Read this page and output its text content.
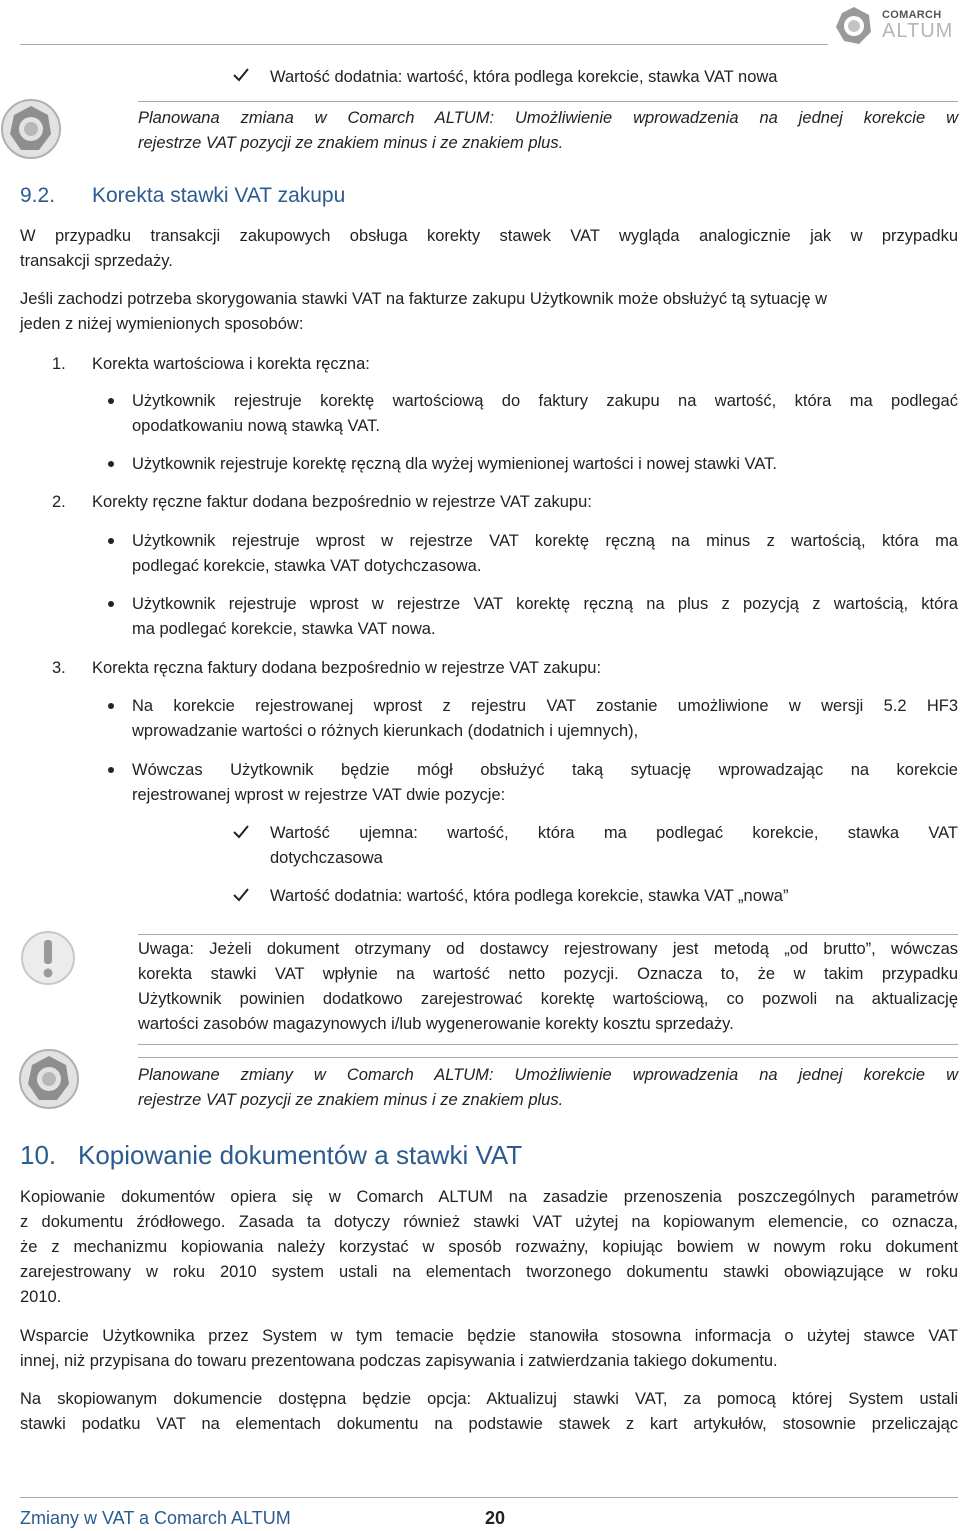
COMARCH
ALTUM
Wartość dodatnia: wartość, która podlega korekcie, stawka VAT nowa
Planowana zmiana w Comarch ALTUM: Umożliwienie wprowadzenia na jednej korekcie w
rejestrze VAT pozycji ze znakiem minus i ze znakiem plus.
9.2. Korekta stawki VAT zakupu
W przypadku transakcji zakupowych obsługa korekty stawek VAT wygląda analogicznie jak w przypadku
transakcji sprzedaży.
Jeśli zachodzi potrzeba skorygowania stawki VAT na fakturze zakupu Użytkownik może obsłużyć tą sytuację w
jeden z niżej wymienionych sposobów:
1. Korekta wartościowa i korekta ręczna:
Użytkownik rejestruje korektę wartościową do faktury zakupu na wartość, która ma podlegać
opodatkowaniu nową stawką VAT.
Użytkownik rejestruje korektę ręczną dla wyżej wymienionej wartości i nowej stawki VAT.
2. Korekty ręczne faktur dodana bezpośrednio w rejestrze VAT zakupu:
Użytkownik rejestruje wprost w rejestrze VAT korektę ręczną na minus z wartością, która ma
podlegać korekcie, stawka VAT dotychczasowa.
Użytkownik rejestruje wprost w rejestrze VAT korektę ręczną na plus z pozycją z wartością, która
ma podlegać korekcie, stawka VAT nowa.
3. Korekta ręczna faktury dodana bezpośrednio w rejestrze VAT zakupu:
Na korekcie rejestrowanej wprost z rejestru VAT zostanie umożliwione w wersji 5.2 HF3
wprowadzanie wartości o różnych kierunkach (dodatnich i ujemnych),
Wówczas Użytkownik będzie mógł obsłużyć taką sytuację wprowadzając na korekcie
rejestrowanej wprost w rejestrze VAT dwie pozycje:
Wartość ujemna: wartość, która ma podlegać korekcie, stawka VAT
dotychczasowa
Wartość dodatnia: wartość, która podlega korekcie, stawka VAT „nowa”
Uwaga: Jeżeli dokument otrzymany od dostawcy rejestrowany jest metodą „od brutto”, wówczas
korekta stawki VAT wpłynie na wartość netto pozycji. Oznacza to, że w takim przypadku
Użytkownik powinien dodatkowo zarejestrować korektę wartościową, co pozwoli na aktualizację
wartości zasobów magazynowych i/lub wygenerowanie korekty kosztu sprzedaży.
Planowane zmiany w Comarch ALTUM: Umożliwienie wprowadzenia na jednej korekcie w
rejestrze VAT pozycji ze znakiem minus i ze znakiem plus.
10. Kopiowanie dokumentów a stawki VAT
Kopiowanie dokumentów opiera się w Comarch ALTUM na zasadzie przenoszenia poszczególnych parametrów
z dokumentu źródłowego. Zasada ta dotyczy również stawki VAT użytej na kopiowanym elemencie, co oznacza,
że z mechanizmu kopiowania należy korzystać w sposób rozważny, kopiując bowiem w nowym roku dokument
zarejestrowany w roku 2010 system ustali na elementach tworzonego dokumentu stawki obowiązujące w roku
2010.
Wsparcie Użytkownika przez System w tym temacie będzie stanowiła stosowna informacja o użytej stawce VAT
innej, niż przypisana do towaru prezentowana podczas zapisywania i zatwierdzania takiego dokumentu.
Na skopiowanym dokumencie dostępna będzie opcja: Aktualizuj stawki VAT, za pomocą której System ustali
stawki podatku VAT na elementach dokumentu na podstawie stawek z kart artykułów, stosownie przeliczając
Zmiany w VAT a Comarch ALTUM	20
